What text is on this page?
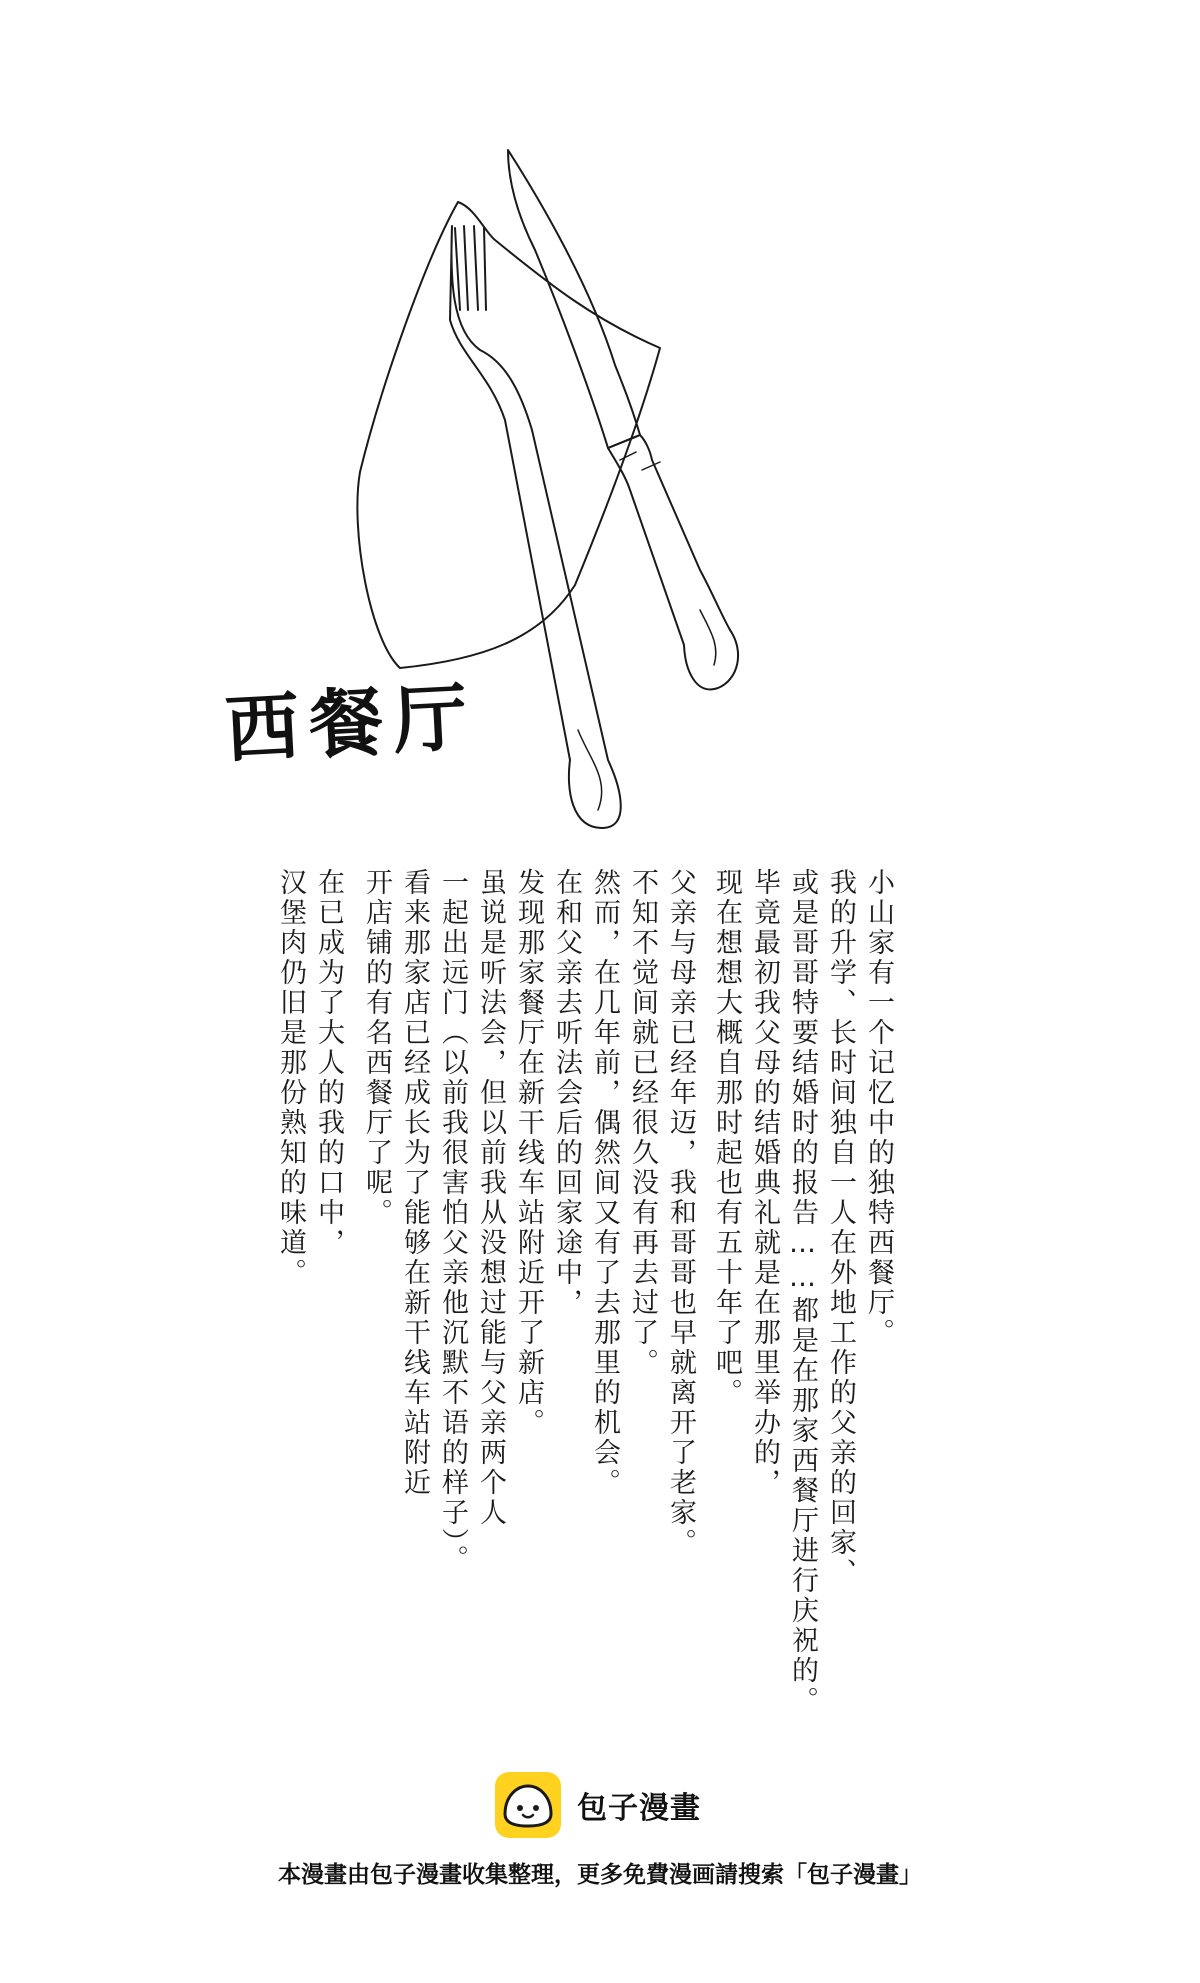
西餐厅
小山家有一个记忆中的独特西餐厅。
我的升学、长时间独自一人在外地工作的父亲的回家、
或是哥哥特要结婚时的报告……都是在那家西餐厅进行庆祝的。
毕竟最初我父母的结婚典礼就是在那里举办的，
现在想想大概自那时起也有五十年了吧。
父亲与母亲已经年迈，我和哥哥也早就离开了老家。
不知不觉间就已经很久没有再去过了。
然而，在几年前，偶然间又有了去那里的机会。
在和父亲去听法会后的回家途中，
发现那家餐厅在新干线车站附近开了新店。
虽说是听法会，但以前我从没想过能与父亲两个人
一起出远门（以前我很害怕父亲他沉默不语的样子）。
看来那家店已经成长为了能够在新干线车站附近
开店铺的有名西餐厅了呢。
在已成为了大人的我的口中，
汉堡肉仍旧是那份熟知的味道。
包子漫畫
本漫畫由包子漫畫收集整理，更多免費漫画請搜索「包子漫畫」
